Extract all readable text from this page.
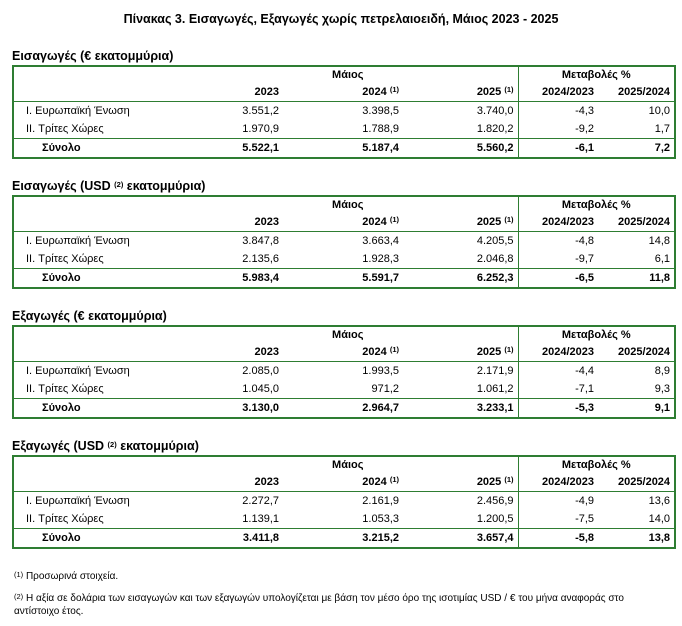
Πίνακας 3. Εισαγωγές, Εξαγωγές χωρίς πετρελαιοειδή, Μάιος 2023 - 2025
Εισαγωγές (€ εκατομμύρια)
	Μάιος			Μεταβολές %	
	2023	2024 $^{(1)}$	2025 $^{(1)}$	2024/2023	2025/2024
I. Ευρωπαϊκή Ένωση	3.551,2	3.398,5	3.740,0	-4,3	10,0
II. Τρίτες Χώρες	1.970,9	1.788,9	1.820,2	-9,2	1,7
Σύνολο	5.522,1	5.187,4	5.560,2	-6,1	7,2
Εισαγωγές (USD $^{(2)}$ εκατομμύρια)
	Μάιος			Μεταβολές %	
	2023	2024 $^{(1)}$	2025 $^{(1)}$	2024/2023	2025/2024
I. Ευρωπαϊκή Ένωση	3.847,8	3.663,4	4.205,5	-4,8	14,8
II. Τρίτες Χώρες	2.135,6	1.928,3	2.046,8	-9,7	6,1
Σύνολο	5.983,4	5.591,7	6.252,3	-6,5	11,8
Εξαγωγές (€ εκατομμύρια)
	Μάιος			Μεταβολές %	
	2023	2024 $^{(1)}$	2025 $^{(1)}$	2024/2023	2025/2024
I. Ευρωπαϊκή Ένωση	2.085,0	1.993,5	2.171,9	-4,4	8,9
II. Τρίτες Χώρες	1.045,0	971,2	1.061,2	-7,1	9,3
Σύνολο	3.130,0	2.964,7	3.233,1	-5,3	9,1
Εξαγωγές (USD $^{(2)}$ εκατομμύρια)
	Μάιος			Μεταβολές %	
	2023	2024 $^{(1)}$	2025 $^{(1)}$	2024/2023	2025/2024
I. Ευρωπαϊκή Ένωση	2.272,7	2.161,9	2.456,9	-4,9	13,6
II. Τρίτες Χώρες	1.139,1	1.053,3	1.200,5	-7,5	14,0
Σύνολο	3.411,8	3.215,2	3.657,4	-5,8	13,8
$^{(1)}$ Προσωρινά στοιχεία.
$^{(2)}$ Η αξία σε δολάρια των εισαγωγών και των εξαγωγών υπολογίζεται με βάση τον μέσο όρο της ισοτιμίας USD / € του μήνα αναφοράς στο αντίστοιχο έτος.
